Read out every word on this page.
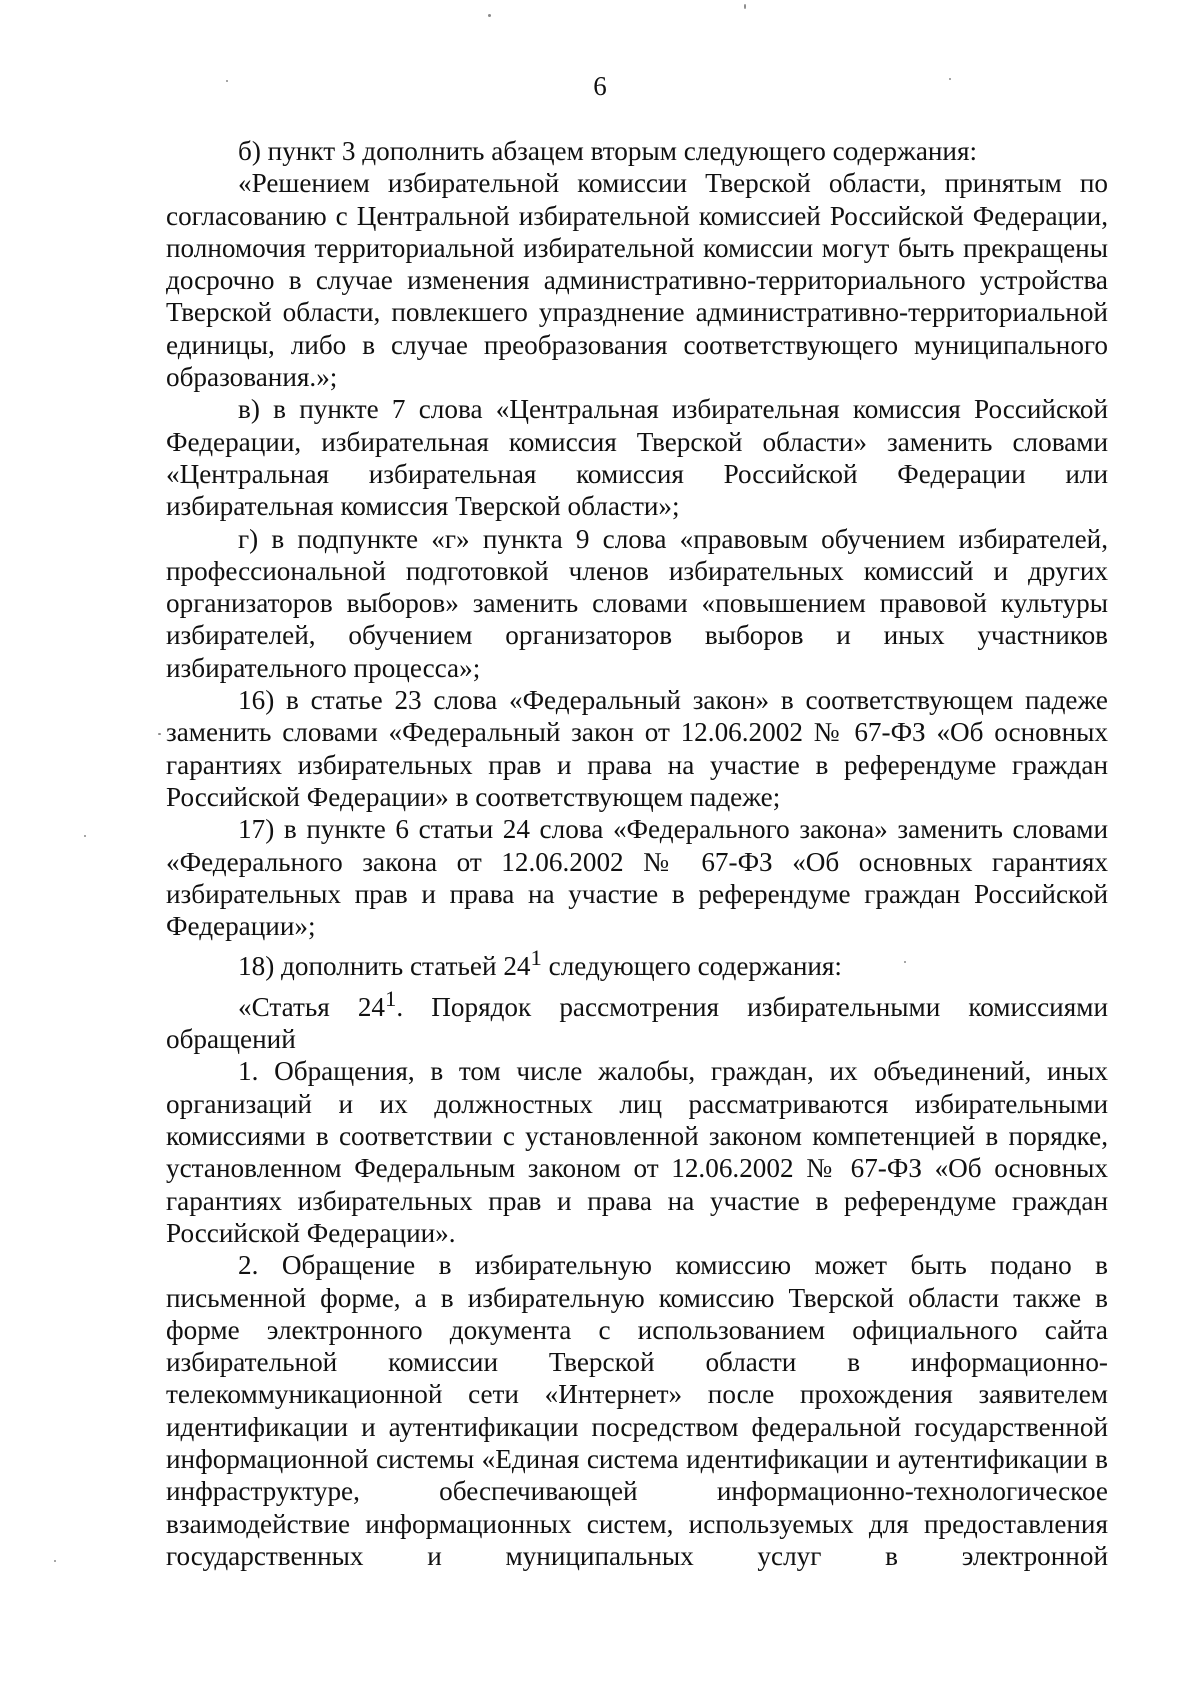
6

б) пункт 3 дополнить абзацем вторым следующего содержания:

«Решением избирательной комиссии Тверской области, принятым по согласованию с Центральной избирательной комиссией Российской Федерации, полномочия территориальной избирательной комиссии могут быть прекращены досрочно в случае изменения административно-территориального устройства Тверской области, повлекшего упразднение административно-территориальной единицы, либо в случае преобразования соответствующего муниципального образования.»;

в) в пункте 7 слова «Центральная избирательная комиссия Российской Федерации, избирательная комиссия Тверской области» заменить словами «Центральная избирательная комиссия Российской Федерации или избирательная комиссия Тверской области»;

г) в подпункте «г» пункта 9 слова «правовым обучением избирателей, профессиональной подготовкой членов избирательных комиссий и других организаторов выборов» заменить словами «повышением правовой культуры избирателей, обучением организаторов выборов и иных участников избирательного процесса»;

16) в статье 23 слова «Федеральный закон» в соответствующем падеже заменить словами «Федеральный закон от 12.06.2002 № 67-ФЗ «Об основных гарантиях избирательных прав и права на участие в референдуме граждан Российской Федерации» в соответствующем падеже;

17) в пункте 6 статьи 24 слова «Федерального закона» заменить словами «Федерального закона от 12.06.2002 № 67-ФЗ «Об основных гарантиях избирательных прав и права на участие в референдуме граждан Российской Федерации»;

18) дополнить статьей $24^1$ следующего содержания:

«Статья $24^1$. Порядок рассмотрения избирательными комиссиями обращений

1. Обращения, в том числе жалобы, граждан, их объединений, иных организаций и их должностных лиц рассматриваются избирательными комиссиями в соответствии с установленной законом компетенцией в порядке, установленном Федеральным законом от 12.06.2002 № 67-ФЗ «Об основных гарантиях избирательных прав и права на участие в референдуме граждан Российской Федерации».

2. Обращение в избирательную комиссию может быть подано в письменной форме, а в избирательную комиссию Тверской области также в форме электронного документа с использованием официального сайта избирательной комиссии Тверской области в информационно-телекоммуникационной сети «Интернет» после прохождения заявителем идентификации и аутентификации посредством федеральной государственной информационной системы «Единая система идентификации и аутентификации в инфраструктуре, обеспечивающей информационно-технологическое взаимодействие информационных систем, используемых для предоставления государственных и муниципальных услуг в электронной
